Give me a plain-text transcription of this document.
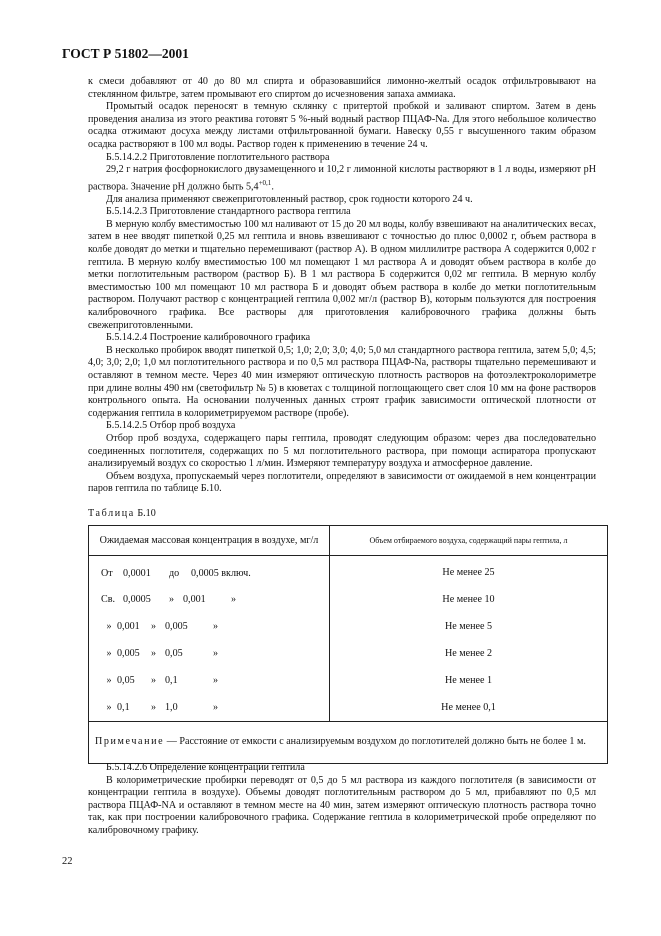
ГОСТ Р 51802—2001

к смеси добавляют от 40 до 80 мл спирта и образовавшийся лимонно-желтый осадок отфильтровывают на стеклянном фильтре, затем промывают его спиртом до исчезновения запаха аммиака.

Промытый осадок переносят в темную склянку с притертой пробкой и заливают спиртом. Затем в день проведения анализа из этого реактива готовят 5 %-ный водный раствор ПЦАФ-Na. Для этого небольшое количество осадка отжимают досуха между листами отфильтрованной бумаги. Навеску 0,55 г высушенного таким образом осадка растворяют в 100 мл воды. Раствор годен к применению в течение 24 ч.

Б.5.14.2.2 Приготовление поглотительного раствора

29,2 г натрия фосфорнокислого двузамещенного и 10,2 г лимонной кислоты растворяют в 1 л воды, измеряют pH раствора. Значение pH должно быть $5,4^{+0,1}$.

Для анализа применяют свежеприготовленный раствор, срок годности которого 24 ч.

Б.5.14.2.3 Приготовление стандартного раствора гептила

В мерную колбу вместимостью 100 мл наливают от 15 до 20 мл воды, колбу взвешивают на аналитических весах, затем в нее вводят пипеткой 0,25 мл гептила и вновь взвешивают с точностью до плюс 0,0002 г, объем раствора в колбе доводят до метки и тщательно перемешивают (раствор А). В одном миллилитре раствора А содержится 0,002 г гептила. В мерную колбу вместимостью 100 мл помещают 1 мл раствора А и доводят объем раствора в колбе до метки поглотительным раствором (раствор Б). В 1 мл раствора Б содержится 0,02 мг гептила. В мерную колбу вместимостью 100 мл помещают 10 мл раствора Б и доводят объем раствора в колбе до метки поглотительным раствором. Получают раствор с концентрацией гептила 0,002 мг/л (раствор В), которым пользуются для построения калибровочного графика. Все растворы для приготовления калибровочного графика должны быть свежеприготовленными.

Б.5.14.2.4 Построение калибровочного графика

В несколько пробирок вводят пипеткой 0,5; 1,0; 2,0; 3,0; 4,0; 5,0 мл стандартного раствора гептила, затем 5,0; 4,5; 4,0; 3,0; 2,0; 1,0 мл поглотительного раствора и по 0,5 мл раствора ПЦАФ-Na, растворы тщательно перемешивают и оставляют в темном месте. Через 40 мин измеряют оптическую плотность растворов на фотоэлектроколориметре при длине волны 490 нм (светофильтр № 5) в кюветах с толщиной поглощающего свет слоя 10 мм на фоне растворов контрольного опыта. На основании полученных данных строят график зависимости оптической плотности от содержания гептила в колориметрируемом растворе (пробе).

Б.5.14.2.5 Отбор проб воздуха

Отбор проб воздуха, содержащего пары гептила, проводят следующим образом: через два последовательно соединенных поглотителя, содержащих по 5 мл поглотительного раствора, при помощи аспиратора пропускают анализируемый воздух со скоростью 1 л/мин. Измеряют температуру воздуха и атмосферное давление.

Объем воздуха, пропускаемый через поглотители, определяют в зависимости от ожидаемой в нем концентрации паров гептила по таблице Б.10.

Таблица Б.10
Ожидаемая массовая концентрация в воздухе, мг/л	Объем отбираемого воздуха, содержащий пары гептила, л
От 0,0001 до 0,0005 включ.	Не менее 25
Св. 0,0005 » 0,001 »	Не менее 10
» 0,001 » 0,005 »	Не менее 5
» 0,005 » 0,05 »	Не менее 2
» 0,05 » 0,1 »	Не менее 1
» 0,1 » 1,0 »	Не менее 0,1
Примечание — Расстояние от емкости с анализируемым воздухом до поглотителей должно быть не более 1 м.	

Б.5.14.2.6 Определение концентрации гептила

В колориметрические пробирки переводят от 0,5 до 5 мл раствора из каждого поглотителя (в зависимости от концентрации гептила в воздухе). Объемы доводят поглотительным раствором до 5 мл, прибавляют по 0,5 мл раствора ПЦАФ-NA и оставляют в темном месте на 40 мин, затем измеряют оптическую плотность раствора точно так, как при построении калибровочного графика. Содержание гептила в колориметрической пробе определяют по калибровочному графику.

22
